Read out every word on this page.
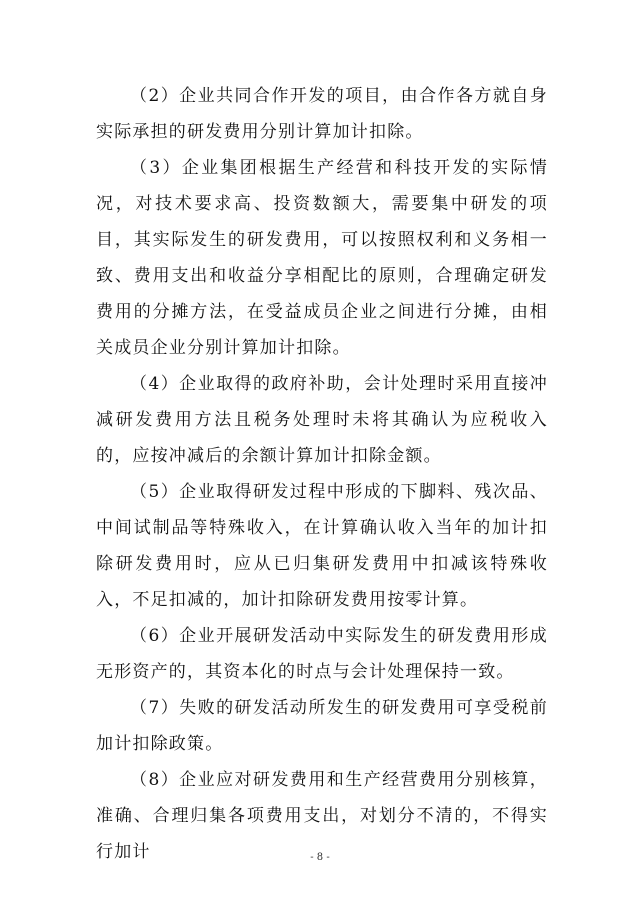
（2）企业共同合作开发的项目，由合作各方就自身实际承担的研发费用分别计算加计扣除。

（3）企业集团根据生产经营和科技开发的实际情况，对技术要求高、投资数额大，需要集中研发的项目，其实际发生的研发费用，可以按照权利和义务相一致、费用支出和收益分享相配比的原则，合理确定研发费用的分摊方法，在受益成员企业之间进行分摊，由相关成员企业分别计算加计扣除。

（4）企业取得的政府补助，会计处理时采用直接冲减研发费用方法且税务处理时未将其确认为应税收入的，应按冲减后的余额计算加计扣除金额。

（5）企业取得研发过程中形成的下脚料、残次品、中间试制品等特殊收入，在计算确认收入当年的加计扣除研发费用时，应从已归集研发费用中扣减该特殊收入，不足扣减的，加计扣除研发费用按零计算。

（6）企业开展研发活动中实际发生的研发费用形成无形资产的，其资本化的时点与会计处理保持一致。

（7）失败的研发活动所发生的研发费用可享受税前加计扣除政策。

（8）企业应对研发费用和生产经营费用分别核算，准确、合理归集各项费用支出，对划分不清的，不得实行加计	- 8 -
